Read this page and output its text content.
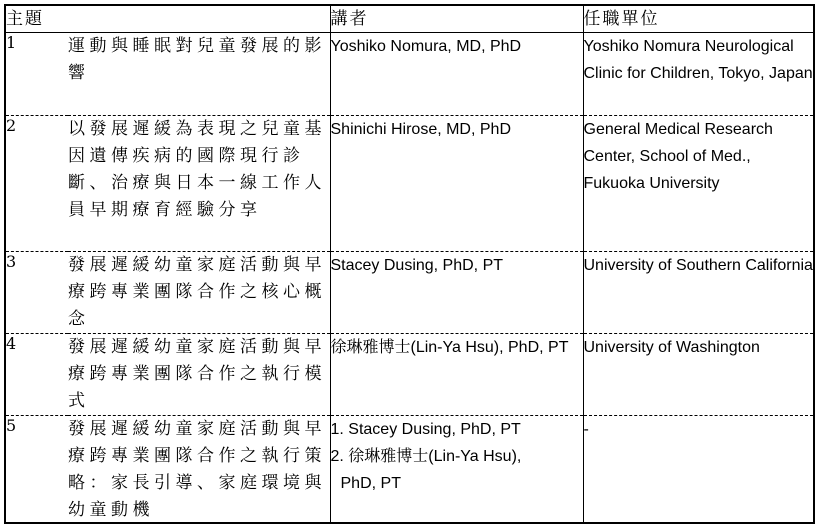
主題		講者	任職單位
1	運動與睡眠對兒童發展的影響	Yoshiko Nomura, MD, PhD	Yoshiko Nomura Neurological Clinic for Children, Tokyo, Japan
2	以發展遲緩為表現之兒童基因遺傳疾病的國際現行診斷、治療與日本一線工作人員早期療育經驗分享	Shinichi Hirose, MD, PhD	General Medical Research Center, School of Med., Fukuoka University
3	發展遲緩幼童家庭活動與早療跨專業團隊合作之核心概念	Stacey Dusing, PhD, PT	University of Southern California
4	發展遲緩幼童家庭活動與早療跨專業團隊合作之執行模式	徐琳雅博士(Lin-Ya Hsu), PhD, PT	University of Washington
5	發展遲緩幼童家庭活動與早療跨專業團隊合作之執行策略：家長引導、家庭環境與幼童動機	1. Stacey Dusing, PhD, PT
2. 徐琳雅博士(Lin-Ya Hsu),
PhD, PT	-
